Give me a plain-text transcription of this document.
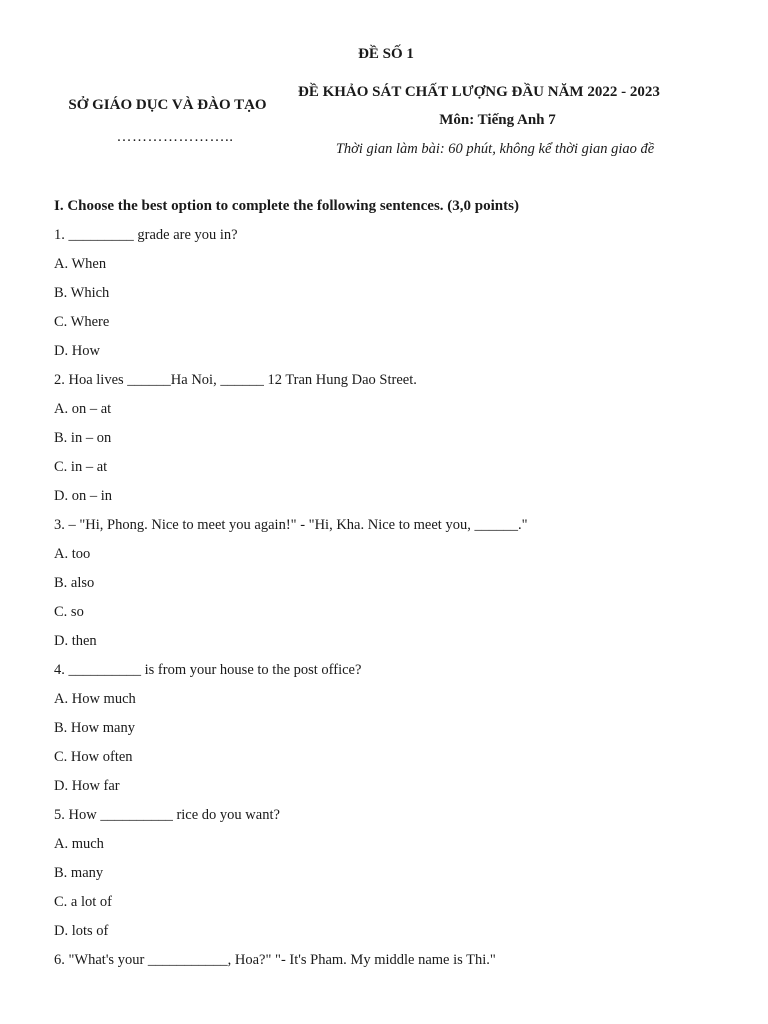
ĐỀ SỐ 1
SỞ GIÁO DỤC VÀ ĐÀO TẠO
…………………..
ĐỀ KHẢO SÁT CHẤT LƯỢNG ĐẦU NĂM 2022 - 2023
Môn: Tiếng Anh 7
Thời gian làm bài: 60 phút, không kể thời gian giao đề
I. Choose the best option to complete the following sentences. (3,0 points)
1. _________ grade are you in?
A. When
B. Which
C. Where
D. How
2. Hoa lives ______Ha Noi, ______ 12 Tran Hung Dao Street.
A. on – at
B. in – on
C. in – at
D. on – in
3. – "Hi, Phong. Nice to meet you again!" - "Hi, Kha. Nice to meet you, ______."
A. too
B. also
C. so
D. then
4. __________ is from your house to the post office?
A. How much
B. How many
C. How often
D. How far
5. How __________ rice do you want?
A. much
B. many
C. a lot of
D. lots of
6. "What's your ___________, Hoa?" "- It's Pham. My middle name is Thi."
